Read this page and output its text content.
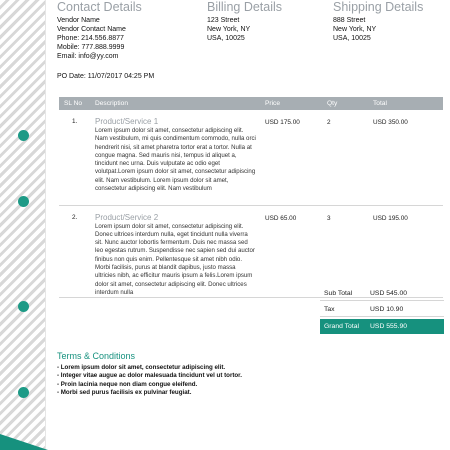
Contact Details
Vendor Name
Vendor Contact Name
Phone: 214.556.8877
Mobile: 777.888.9999
Email: info@yy.com
Billing Details
123 Street
New York, NY
USA, 10025
Shipping Details
888 Street
New York, NY
USA, 10025
PO Date: 11/07/2017 04:25 PM
SL No	Description	Price	Qty	Total
1.	Product/Service 1
Lorem ipsum dolor sit amet, consectetur adipiscing elit. Nam vestibulum, mi quis condimentum commodo, nulla orci hendrerit nisi, sit amet pharetra tortor erat a tortor. Nulla at congue magna. Sed mauris nisi, tempus id aliquet a, tincidunt nec urna. Duis vulputate ac odio eget volutpat.Lorem ipsum dolor sit amet, consectetur adipiscing elit. Nam vestibulum. Lorem ipsum dolor sit amet, consectetur adipiscing elit. Nam vestibulum	USD 175.00	2	USD 350.00
2.	Product/Service 2
Lorem ipsum dolor sit amet, consectetur adipiscing elit. Donec ultrices interdum nulla, eget tincidunt nulla viverra sit. Nunc auctor lobortis fermentum. Duis nec massa sed leo egestas rutrum. Suspendisse nec sapien sed dui auctor finibus non quis enim. Pellentesque sit amet nibh odio. Morbi facilisis, purus at blandit dapibus, justo massa ultricies nibh, ac efficitur mauris ipsum a felis.Lorem ipsum dolor sit amet, consectetur adipiscing elit. Donec ultrices interdum nulla	USD 65.00	3	USD 195.00
Sub Total	USD 545.00
Tax	USD 10.90
Grand Total USD 555.90
Terms & Conditions
- Lorem ipsum dolor sit amet, consectetur adipiscing elit.
- Integer vitae augue ac dolor malesuada tincidunt vel ut tortor.
- Proin lacinia neque non diam congue eleifend.
- Morbi sed purus facilisis ex pulvinar feugiat.
